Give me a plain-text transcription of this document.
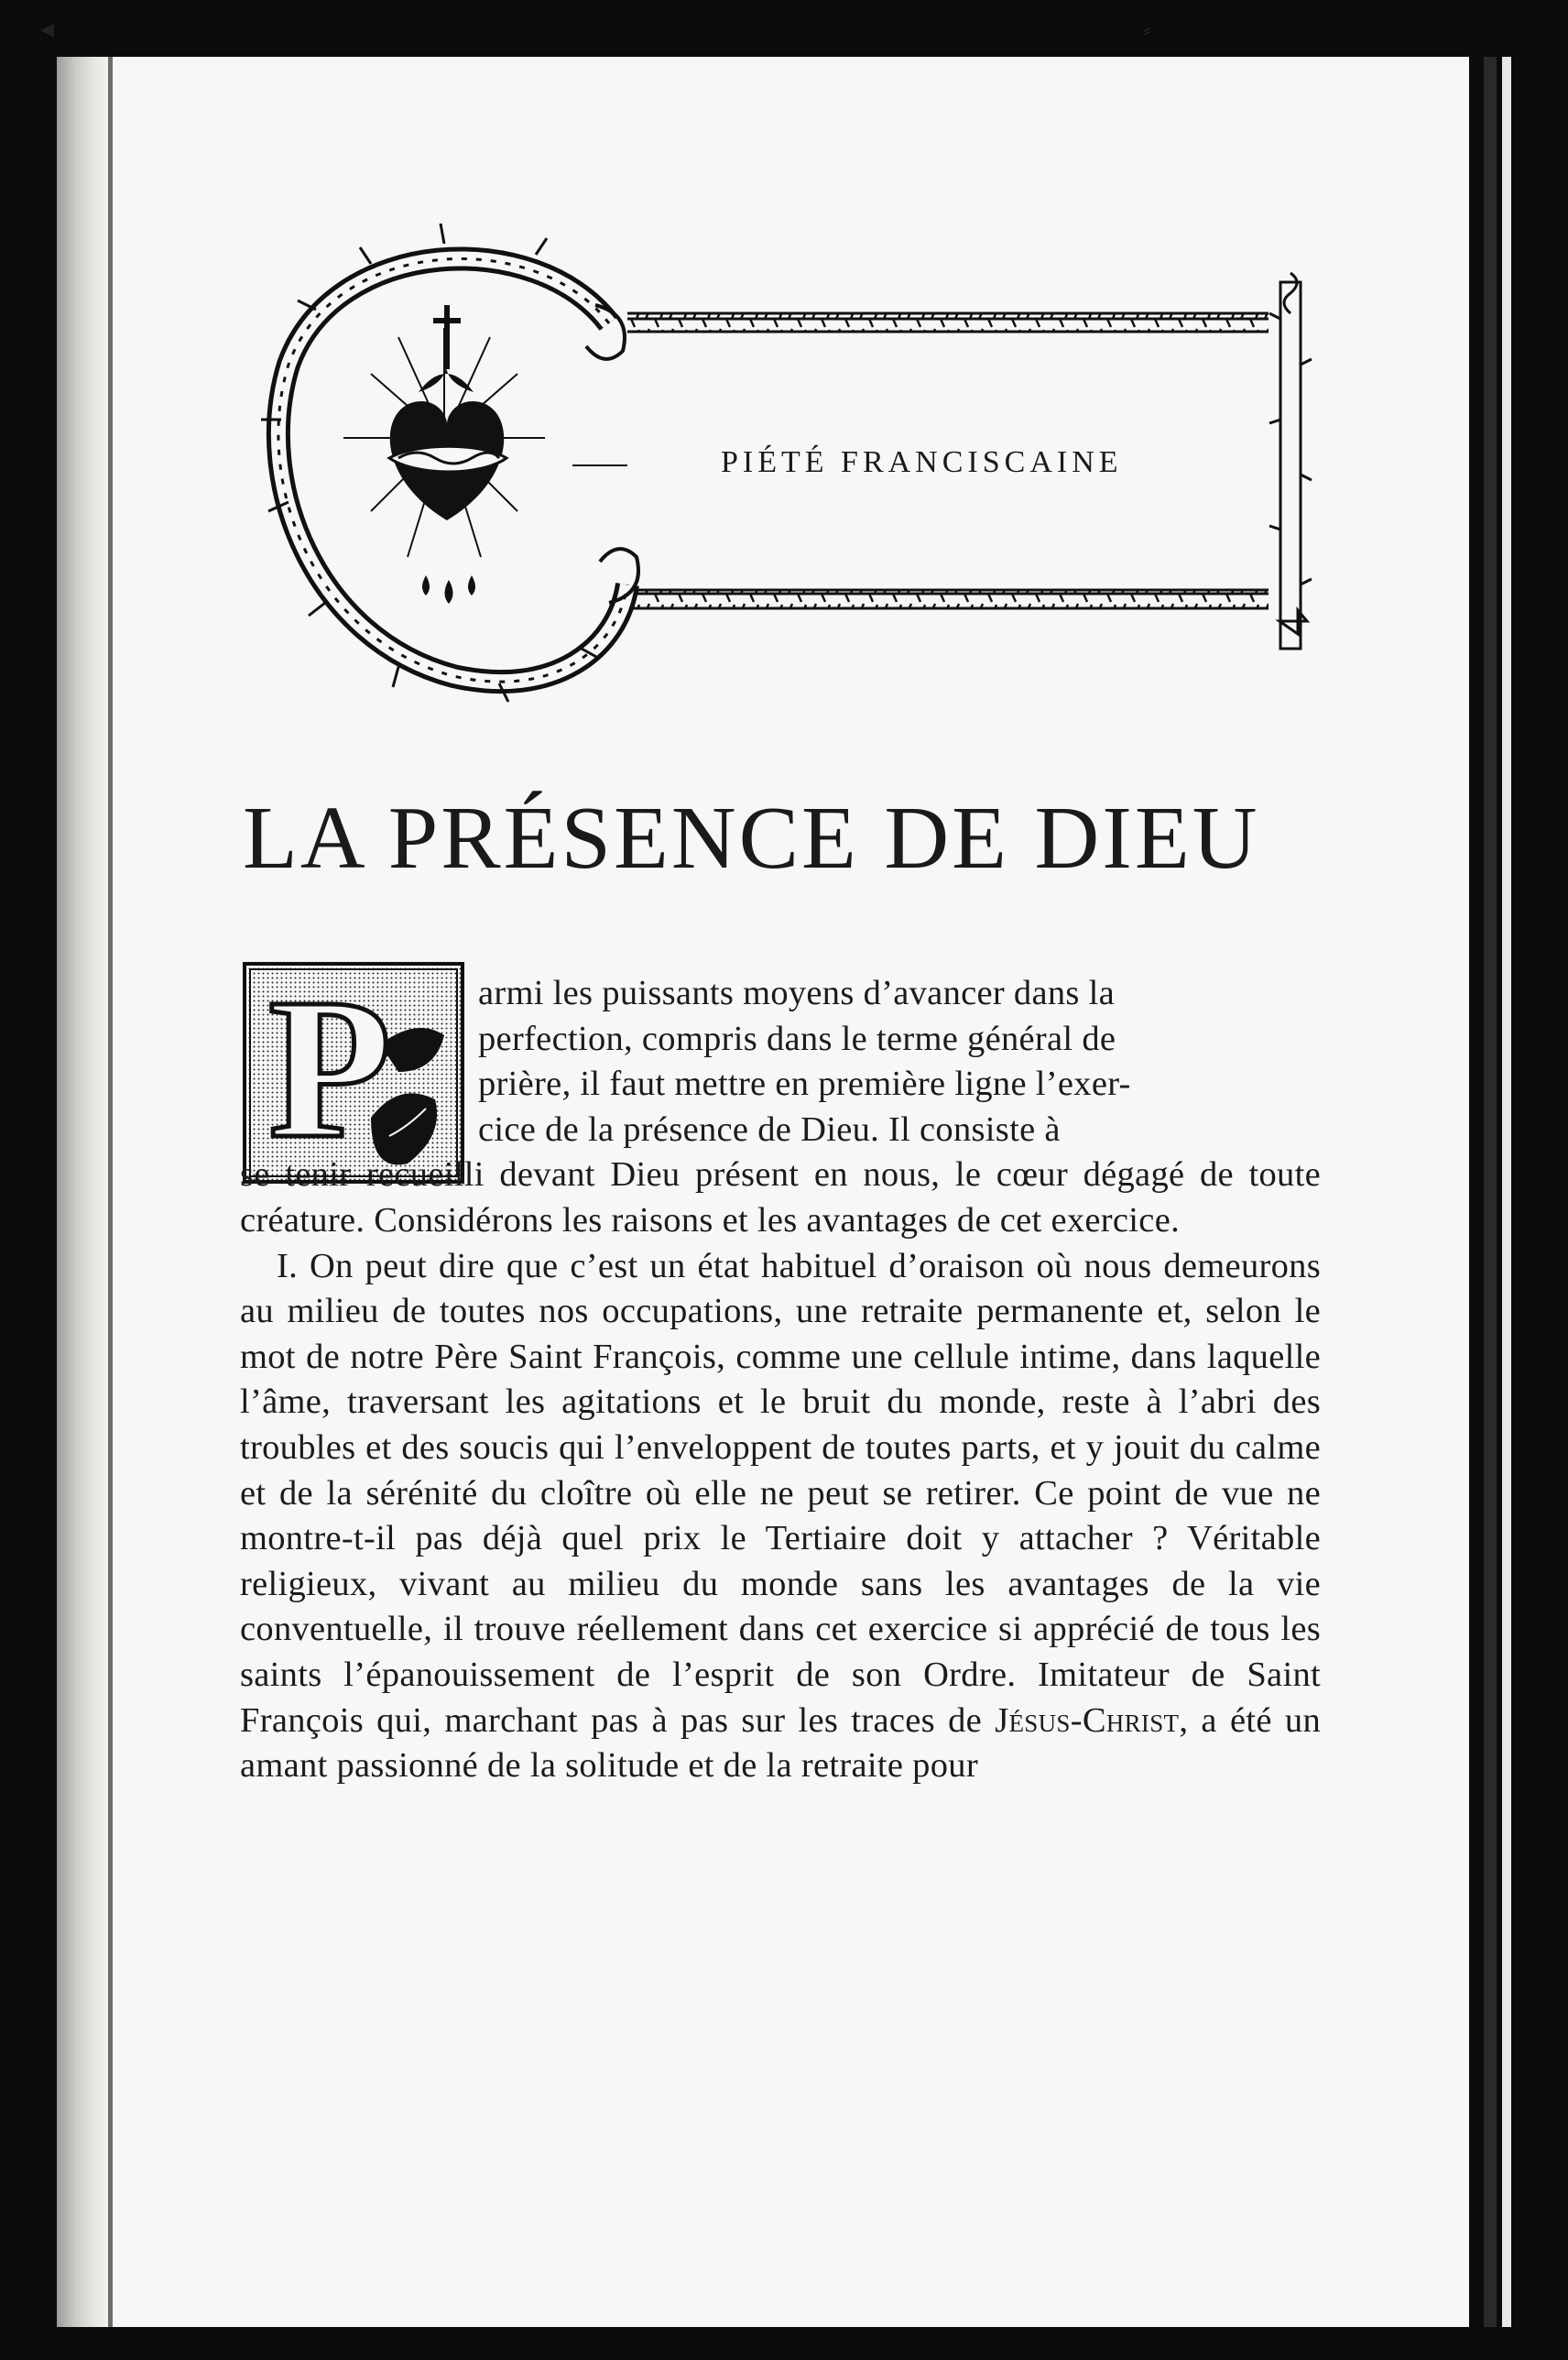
◂	⸗
PIÉTÉ FRANCISCAINE
LA PRÉSENCE DE DIEU
P armi les puissants moyens d’avancer dans la
perfection, compris dans le terme général de
prière, il faut mettre en première ligne l’exer-
cice de la présence de Dieu. Il consiste à
se tenir recueilli devant Dieu présent en nous, le cœur dégagé de toute créature. Considérons les raisons et les avantages de cet exercice.

I. On peut dire que c’est un état habituel d’oraison où nous demeurons au milieu de toutes nos occupations, une retraite permanente et, selon le mot de notre Père Saint François, comme une cellule intime, dans laquelle l’âme, traversant les agitations et le bruit du monde, reste à l’abri des troubles et des soucis qui l’enveloppent de toutes parts, et y jouit du calme et de la sérénité du cloître où elle ne peut se retirer. Ce point de vue ne montre-t-il pas déjà quel prix le Tertiaire doit y attacher ? Véritable religieux, vivant au milieu du monde sans les avantages de la vie conventuelle, il trouve réellement dans cet exercice si apprécié de tous les saints l’épanouissement de l’esprit de son Ordre. Imitateur de Saint François qui, marchant pas à pas sur les traces de Jésus-Christ, a été un amant passionné de la solitude et de la retraite pour
